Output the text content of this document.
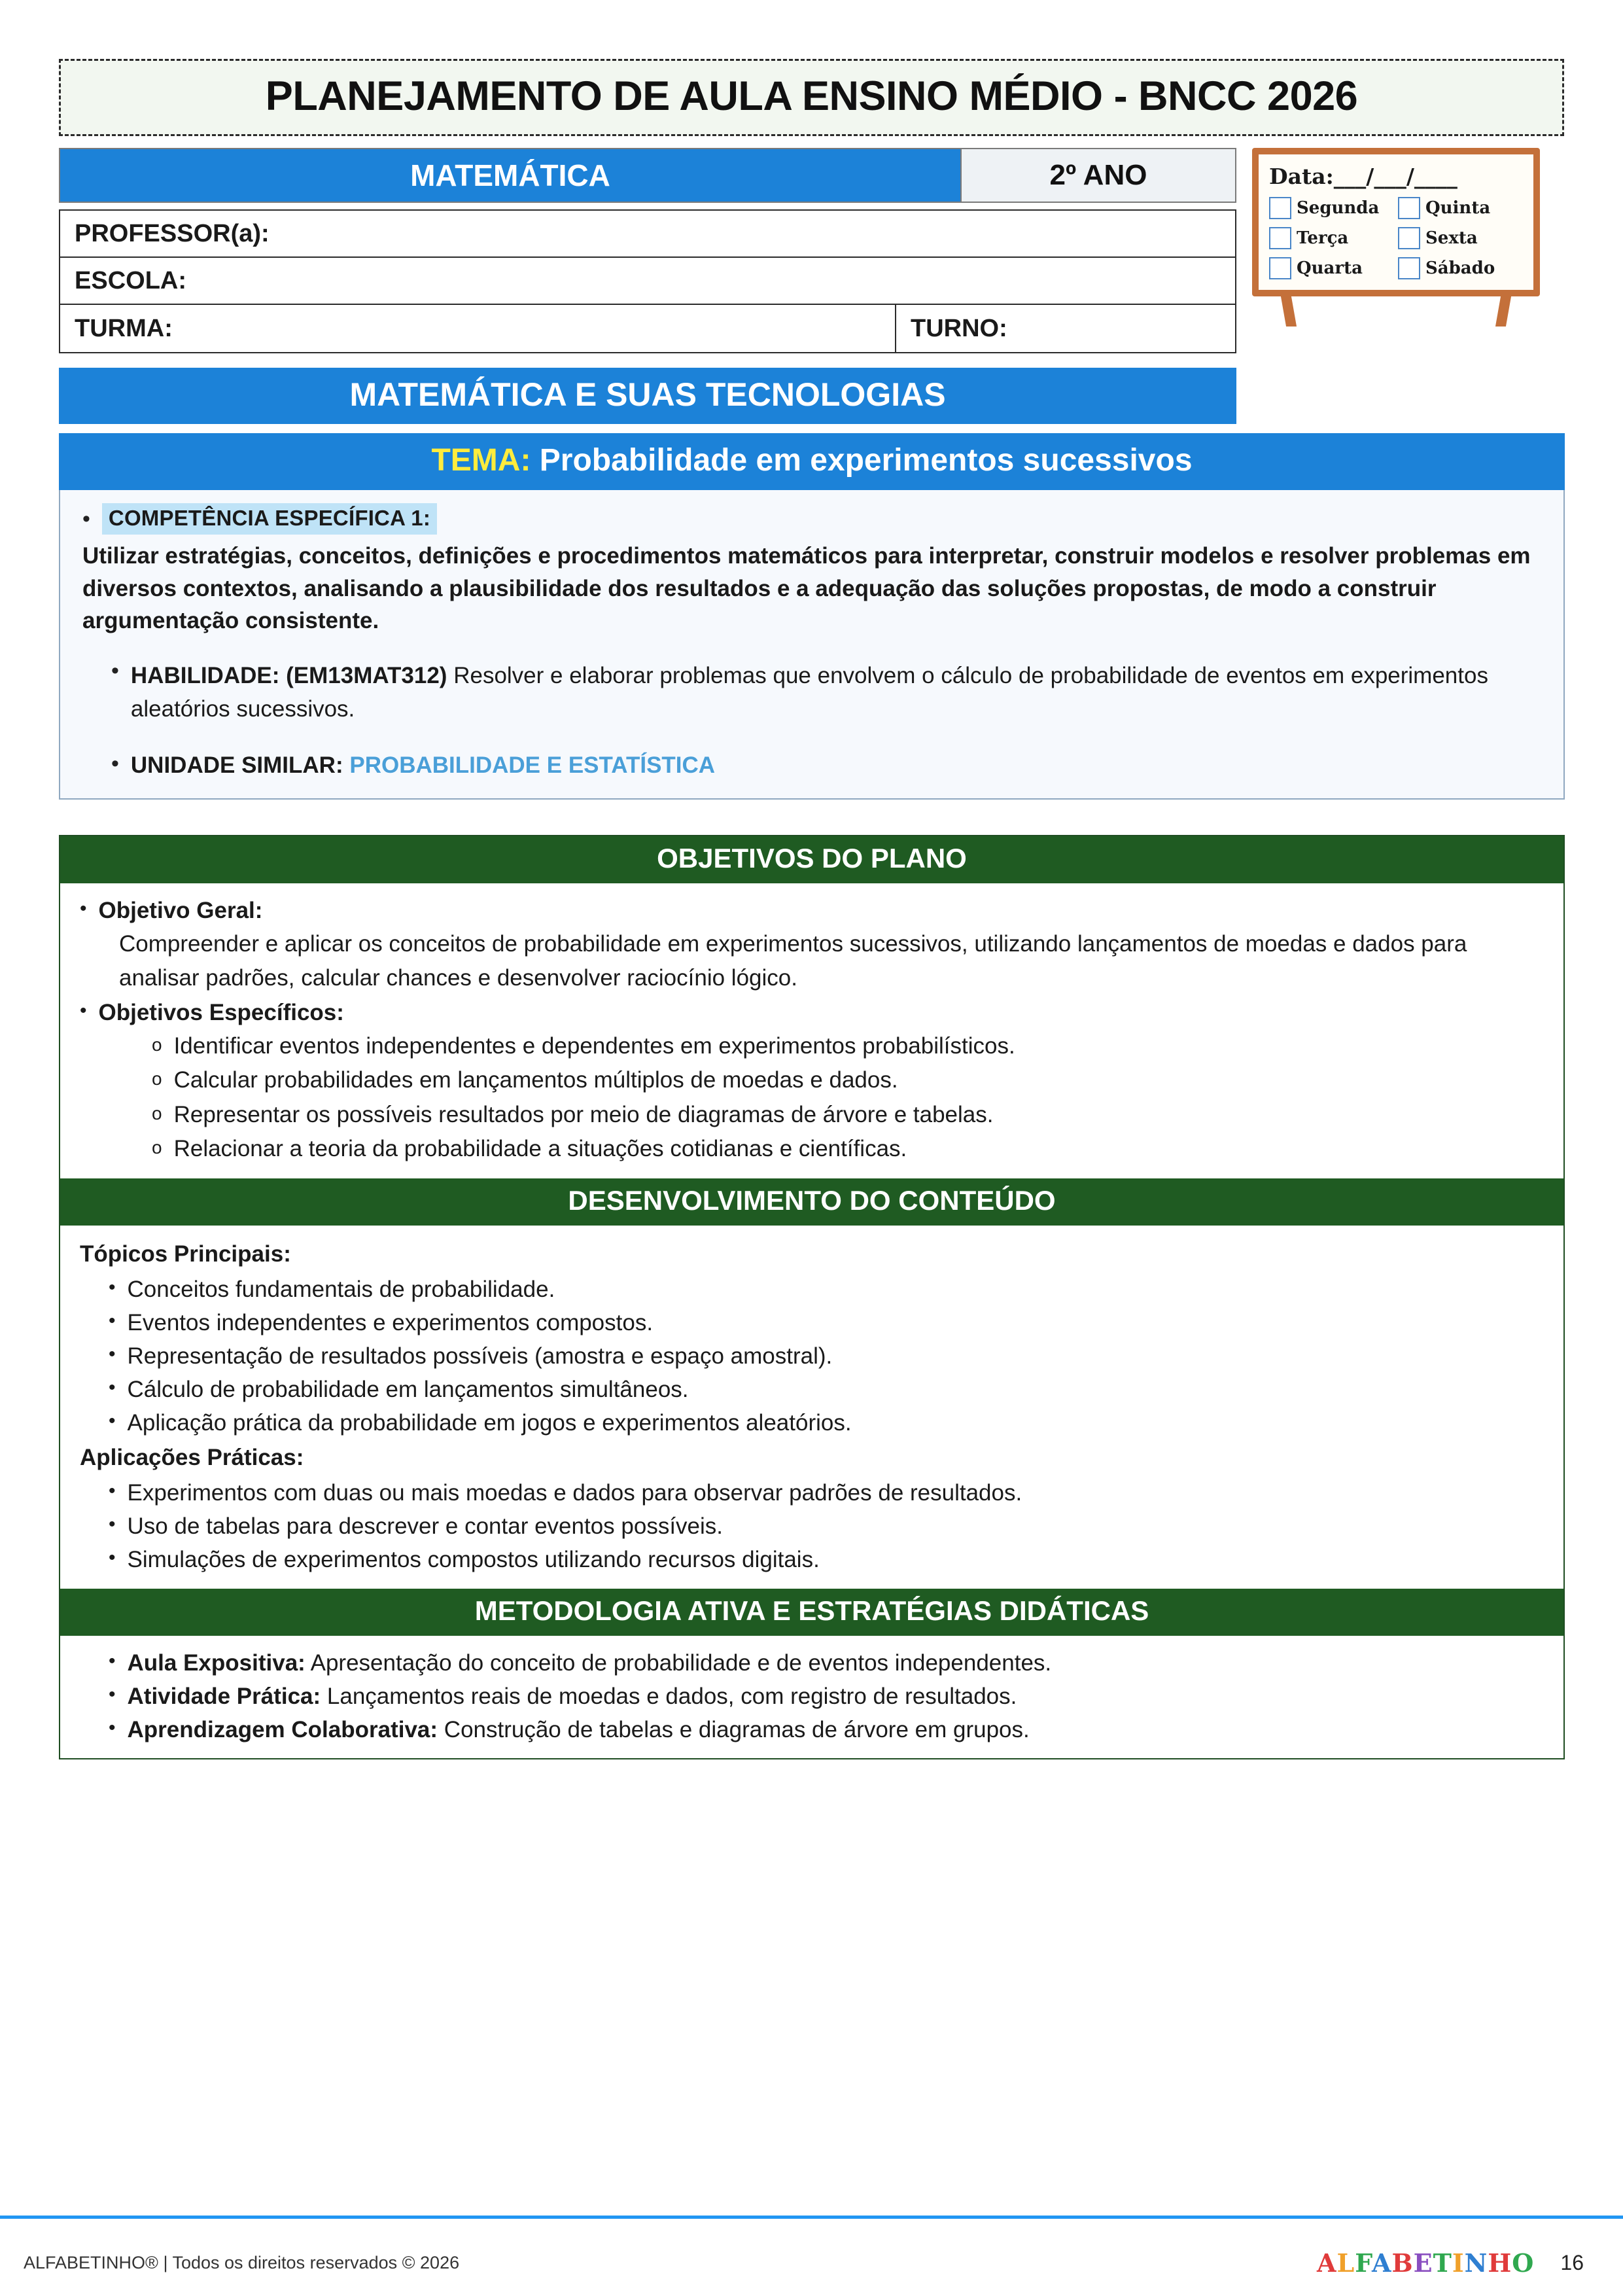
PLANEJAMENTO DE AULA ENSINO MÉDIO - BNCC 2026
MATEMÁTICA	2º ANO
PROFESSOR(a):
ESCOLA:
TURMA:	TURNO:
Data:___/___/____
Segunda	Quinta
Terça	Sexta
Quarta	Sábado
MATEMÁTICA E SUAS TECNOLOGIAS
TEMA: Probabilidade em experimentos sucessivos
• COMPETÊNCIA ESPECÍFICA 1:
Utilizar estratégias, conceitos, definições e procedimentos matemáticos para interpretar, construir modelos e resolver problemas em diversos contextos, analisando a plausibilidade dos resultados e a adequação das soluções propostas, de modo a construir argumentação consistente.
• HABILIDADE: (EM13MAT312) Resolver e elaborar problemas que envolvem o cálculo de probabilidade de eventos em experimentos aleatórios sucessivos.
• UNIDADE SIMILAR: PROBABILIDADE E ESTATÍSTICA
OBJETIVOS DO PLANO
• Objetivo Geral:
Compreender e aplicar os conceitos de probabilidade em experimentos sucessivos, utilizando lançamentos de moedas e dados para analisar padrões, calcular chances e desenvolver raciocínio lógico.
• Objetivos Específicos:
o Identificar eventos independentes e dependentes em experimentos probabilísticos.
o Calcular probabilidades em lançamentos múltiplos de moedas e dados.
o Representar os possíveis resultados por meio de diagramas de árvore e tabelas.
o Relacionar a teoria da probabilidade a situações cotidianas e científicas.
DESENVOLVIMENTO DO CONTEÚDO
Tópicos Principais:
• Conceitos fundamentais de probabilidade.
• Eventos independentes e experimentos compostos.
• Representação de resultados possíveis (amostra e espaço amostral).
• Cálculo de probabilidade em lançamentos simultâneos.
• Aplicação prática da probabilidade em jogos e experimentos aleatórios.
Aplicações Práticas:
• Experimentos com duas ou mais moedas e dados para observar padrões de resultados.
• Uso de tabelas para descrever e contar eventos possíveis.
• Simulações de experimentos compostos utilizando recursos digitais.
METODOLOGIA ATIVA E ESTRATÉGIAS DIDÁTICAS
• Aula Expositiva: Apresentação do conceito de probabilidade e de eventos independentes.
• Atividade Prática: Lançamentos reais de moedas e dados, com registro de resultados.
• Aprendizagem Colaborativa: Construção de tabelas e diagramas de árvore em grupos.
ALFABETINHO® | Todos os direitos reservados © 2026	ALFABETINHO 16
